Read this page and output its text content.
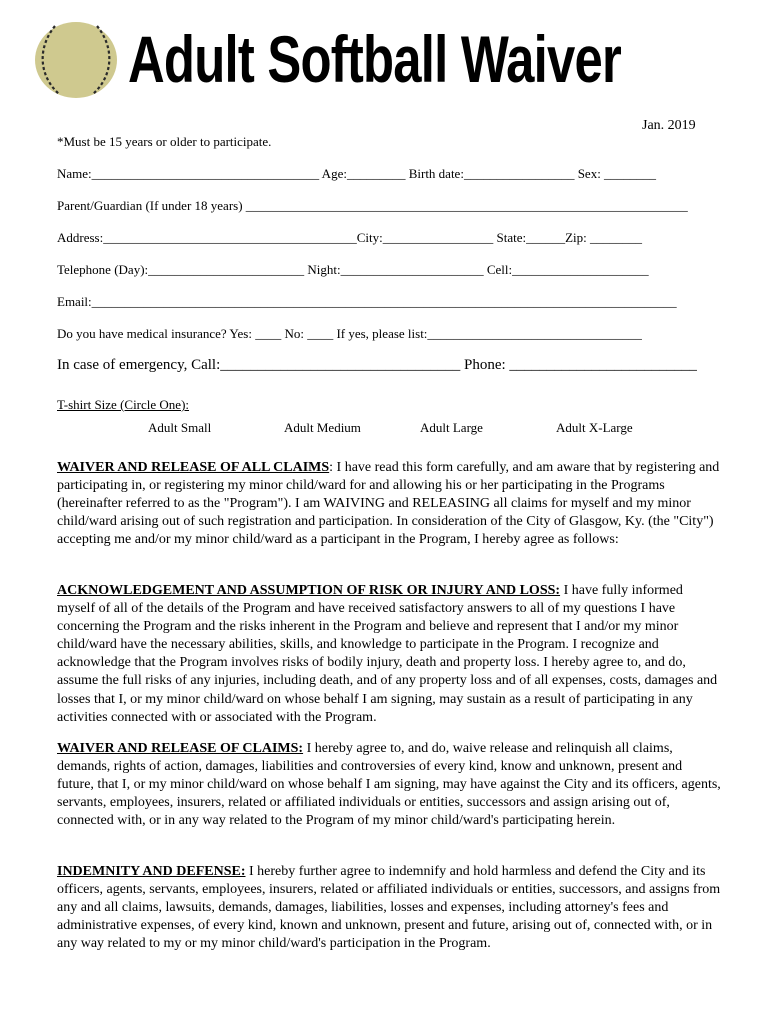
Adult Softball Waiver
Jan. 2019
*Must be 15 years or older to participate.
Name:___________________________________ Age:_________ Birth date:_________________ Sex: ________
Parent/Guardian (If under 18 years) ____________________________________________________________________
Address:_______________________________________City:_________________ State:______Zip: ________
Telephone (Day):________________________ Night:______________________ Cell:_____________________
Email:__________________________________________________________________________________________
Do you have medical insurance? Yes: ____ No: ____ If yes, please list:_________________________________
In case of emergency, Call:________________________________ Phone: _________________________
T-shirt Size (Circle One):
Adult Small	Adult Medium	Adult Large	Adult X-Large

WAIVER AND RELEASE OF ALL CLAIMS: I have read this form carefully, and am aware that by registering and participating in, or registering my minor child/ward for and allowing his or her participating in the Programs (hereinafter referred to as the "Program"). I am WAIVING and RELEASING all claims for myself and my minor child/ward arising out of such registration and participation. In consideration of the City of Glasgow, Ky. (the "City") accepting me and/or my minor child/ward as a participant in the Program, I hereby agree as follows:

ACKNOWLEDGEMENT AND ASSUMPTION OF RISK OR INJURY AND LOSS: I have fully informed myself of all of the details of the Program and have received satisfactory answers to all of my questions I have concerning the Program and the risks inherent in the Program and believe and represent that I and/or my minor child/ward have the necessary abilities, skills, and knowledge to participate in the Program. I recognize and acknowledge that the Program involves risks of bodily injury, death and property loss. I hereby agree to, and do, assume the full risks of any injuries, including death, and of any property loss and of all expenses, costs, damages and losses that I, or my minor child/ward on whose behalf I am signing, may sustain as a result of participating in any activities connected with or associated with the Program.

WAIVER AND RELEASE OF CLAIMS: I hereby agree to, and do, waive release and relinquish all claims, demands, rights of action, damages, liabilities and controversies of every kind, know and unknown, present and future, that I, or my minor child/ward on whose behalf I am signing, may have against the City and its officers, agents, servants, employees, insurers, related or affiliated individuals or entities, successors and assign arising out of, connected with, or in any way related to the Program of my minor child/ward's participating herein.

INDEMNITY AND DEFENSE: I hereby further agree to indemnify and hold harmless and defend the City and its officers, agents, servants, employees, insurers, related or affiliated individuals or entities, successors, and assigns from any and all claims, lawsuits, demands, damages, liabilities, losses and expenses, including attorney's fees and administrative expenses, of every kind, known and unknown, present and future, arising out of, connected with, or in any way related to my or my minor child/ward's participation in the Program.
